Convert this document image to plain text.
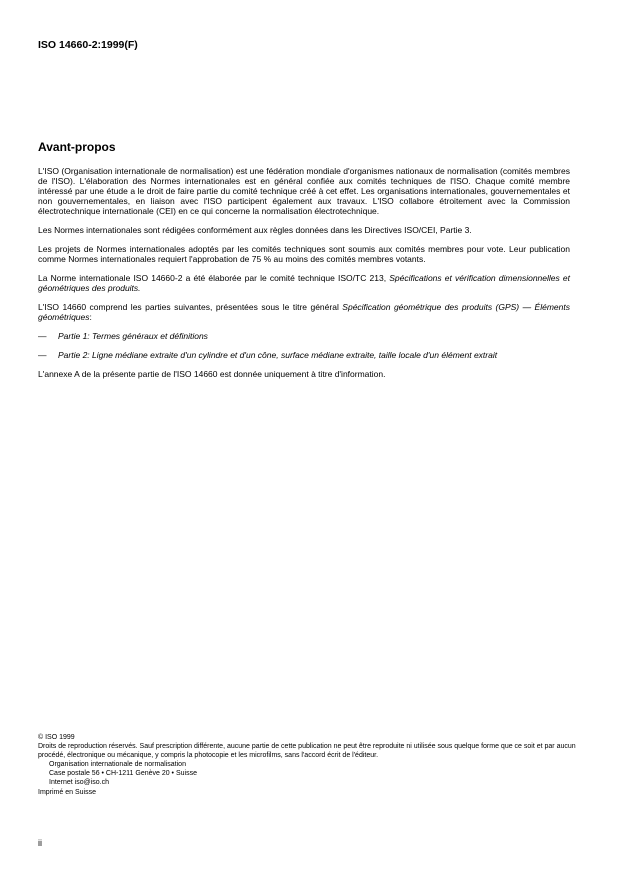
ISO 14660-2:1999(F)
Avant-propos

L'ISO (Organisation internationale de normalisation) est une fédération mondiale d'organismes nationaux de normalisation (comités membres de l'ISO). L'élaboration des Normes internationales est en général confiée aux comités techniques de l'ISO. Chaque comité membre intéressé par une étude a le droit de faire partie du comité technique créé à cet effet. Les organisations internationales, gouvernementales et non gouvernementales, en liaison avec l'ISO participent également aux travaux. L'ISO collabore étroitement avec la Commission électrotechnique internationale (CEI) en ce qui concerne la normalisation électrotechnique.

Les Normes internationales sont rédigées conformément aux règles données dans les Directives ISO/CEI, Partie 3.

Les projets de Normes internationales adoptés par les comités techniques sont soumis aux comités membres pour vote. Leur publication comme Normes internationales requiert l'approbation de 75 % au moins des comités membres votants.

La Norme internationale ISO 14660-2 a été élaborée par le comité technique ISO/TC 213, Spécifications et vérification dimensionnelles et géométriques des produits.

L'ISO 14660 comprend les parties suivantes, présentées sous le titre général Spécification géométrique des produits (GPS) — Éléments géométriques:

—	Partie 1: Termes généraux et définitions
—	Partie 2: Ligne médiane extraite d'un cylindre et d'un cône, surface médiane extraite, taille locale d'un élément extrait

L'annexe A de la présente partie de l'ISO 14660 est donnée uniquement à titre d'information.

© ISO 1999

Droits de reproduction réservés. Sauf prescription différente, aucune partie de cette publication ne peut être reproduite ni utilisée sous quelque forme que ce soit et par aucun procédé, électronique ou mécanique, y compris la photocopie et les microfilms, sans l'accord écrit de l'éditeur.

Organisation internationale de normalisation

Case postale 56 • CH-1211 Genève 20 • Suisse

Internet iso@iso.ch

Imprimé en Suisse

ii
